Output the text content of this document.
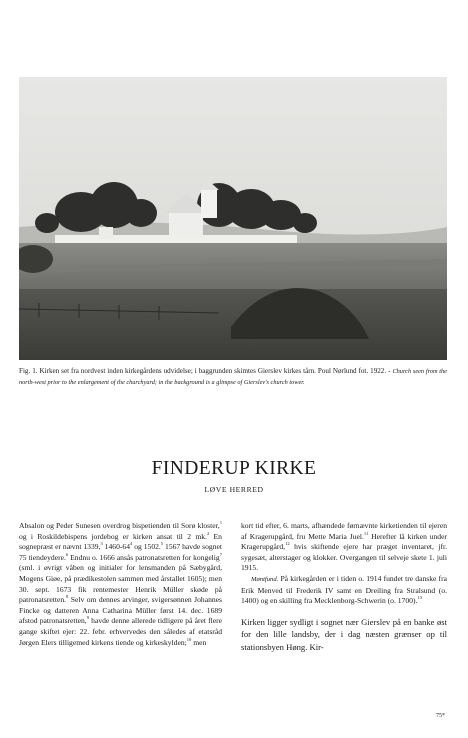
Fig. 1. Kirken set fra nordvest inden kirkegårdens udvidelse; i baggrunden skimtes Gierslev kirkes tårn. Poul Nørlund fot. 1922. - Church seen from the north-west prior to the enlargement of the churchyard; in the background is a glimpse of Gierslev's church tower.
FINDERUP KIRKE
LØVE HERRED

Absalon og Peder Sunesen overdrog bispetienden til Sorø kloster,$^1$ og i Roskildebispens jordebog er kirken ansat til 2 mk.$^2$ En sognepræst er nævnt 1339,$^3$ $1460-64^4$ og 1502.$^5$ 1567 havde sognet 75 tiendeydere.$^6$ Endnu o. 1666 ansås patronatsretten for kongelig$^7$ (sml. i øvrigt våben og initialer for lensmanden på Sæbygård, Mogens Giøe, på prædikestolen sammen med årstallet 1605); men 30. sept. 1673 fik rentemester Henrik Müller skøde på patronatsretten.$^8$ Selv om dennes arvinger, svigersønnen Johannes Fincke og datteren Anna Catharina Müller først 14. dec. 1689 afstod patronatsretten,$^9$ havde denne allerede tidligere på året flere gange skiftet ejer: 22. febr. erhvervedes den således af etatsråd Jørgen Elers tilligemed kirkens tiende og kirkeskylden;$^{10}$ men

kort tid efter, 6. marts, afhændede førnævnte kirketienden til ejeren af Kragerupgård, fru Mette Maria Juel.$^{11}$ Herefter lå kirken under Kragerupgård,$^{12}$ hvis skiftende ejere har præget inventaret, jfr. sygesæt, alterstager og klokker. Overgangen til selveje skete 1. juli 1915.

Møntfund. På kirkegården er i tiden o. 1914 fundet tre danske fra Erik Menved til Frederik IV samt en Dreiling fra Stralsund (o. 1400) og en skilling fra Mecklenborg-Schwerin (o. 1700).$^{13}$

Kirken ligger sydligt i sognet nær Gierslev på en banke øst for den lille landsby, der i dag næsten grænser op til stationsbyen Høng. Kir-

75*
